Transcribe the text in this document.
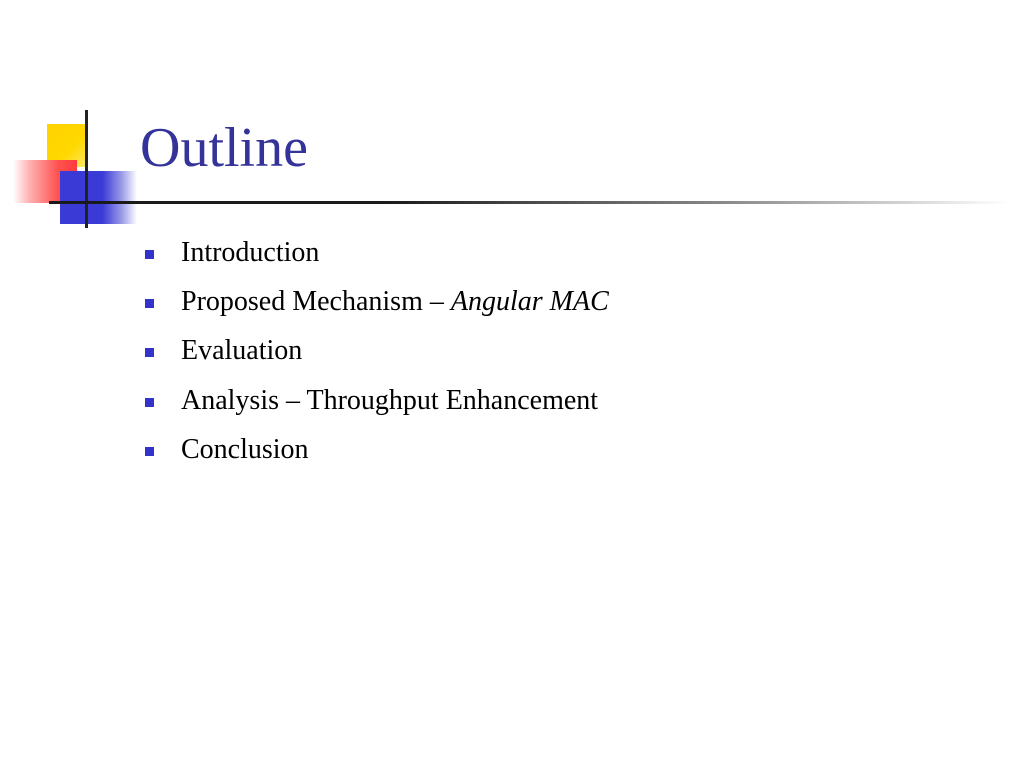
Outline
Introduction
Proposed Mechanism – Angular MAC
Evaluation
Analysis – Throughput Enhancement
Conclusion
